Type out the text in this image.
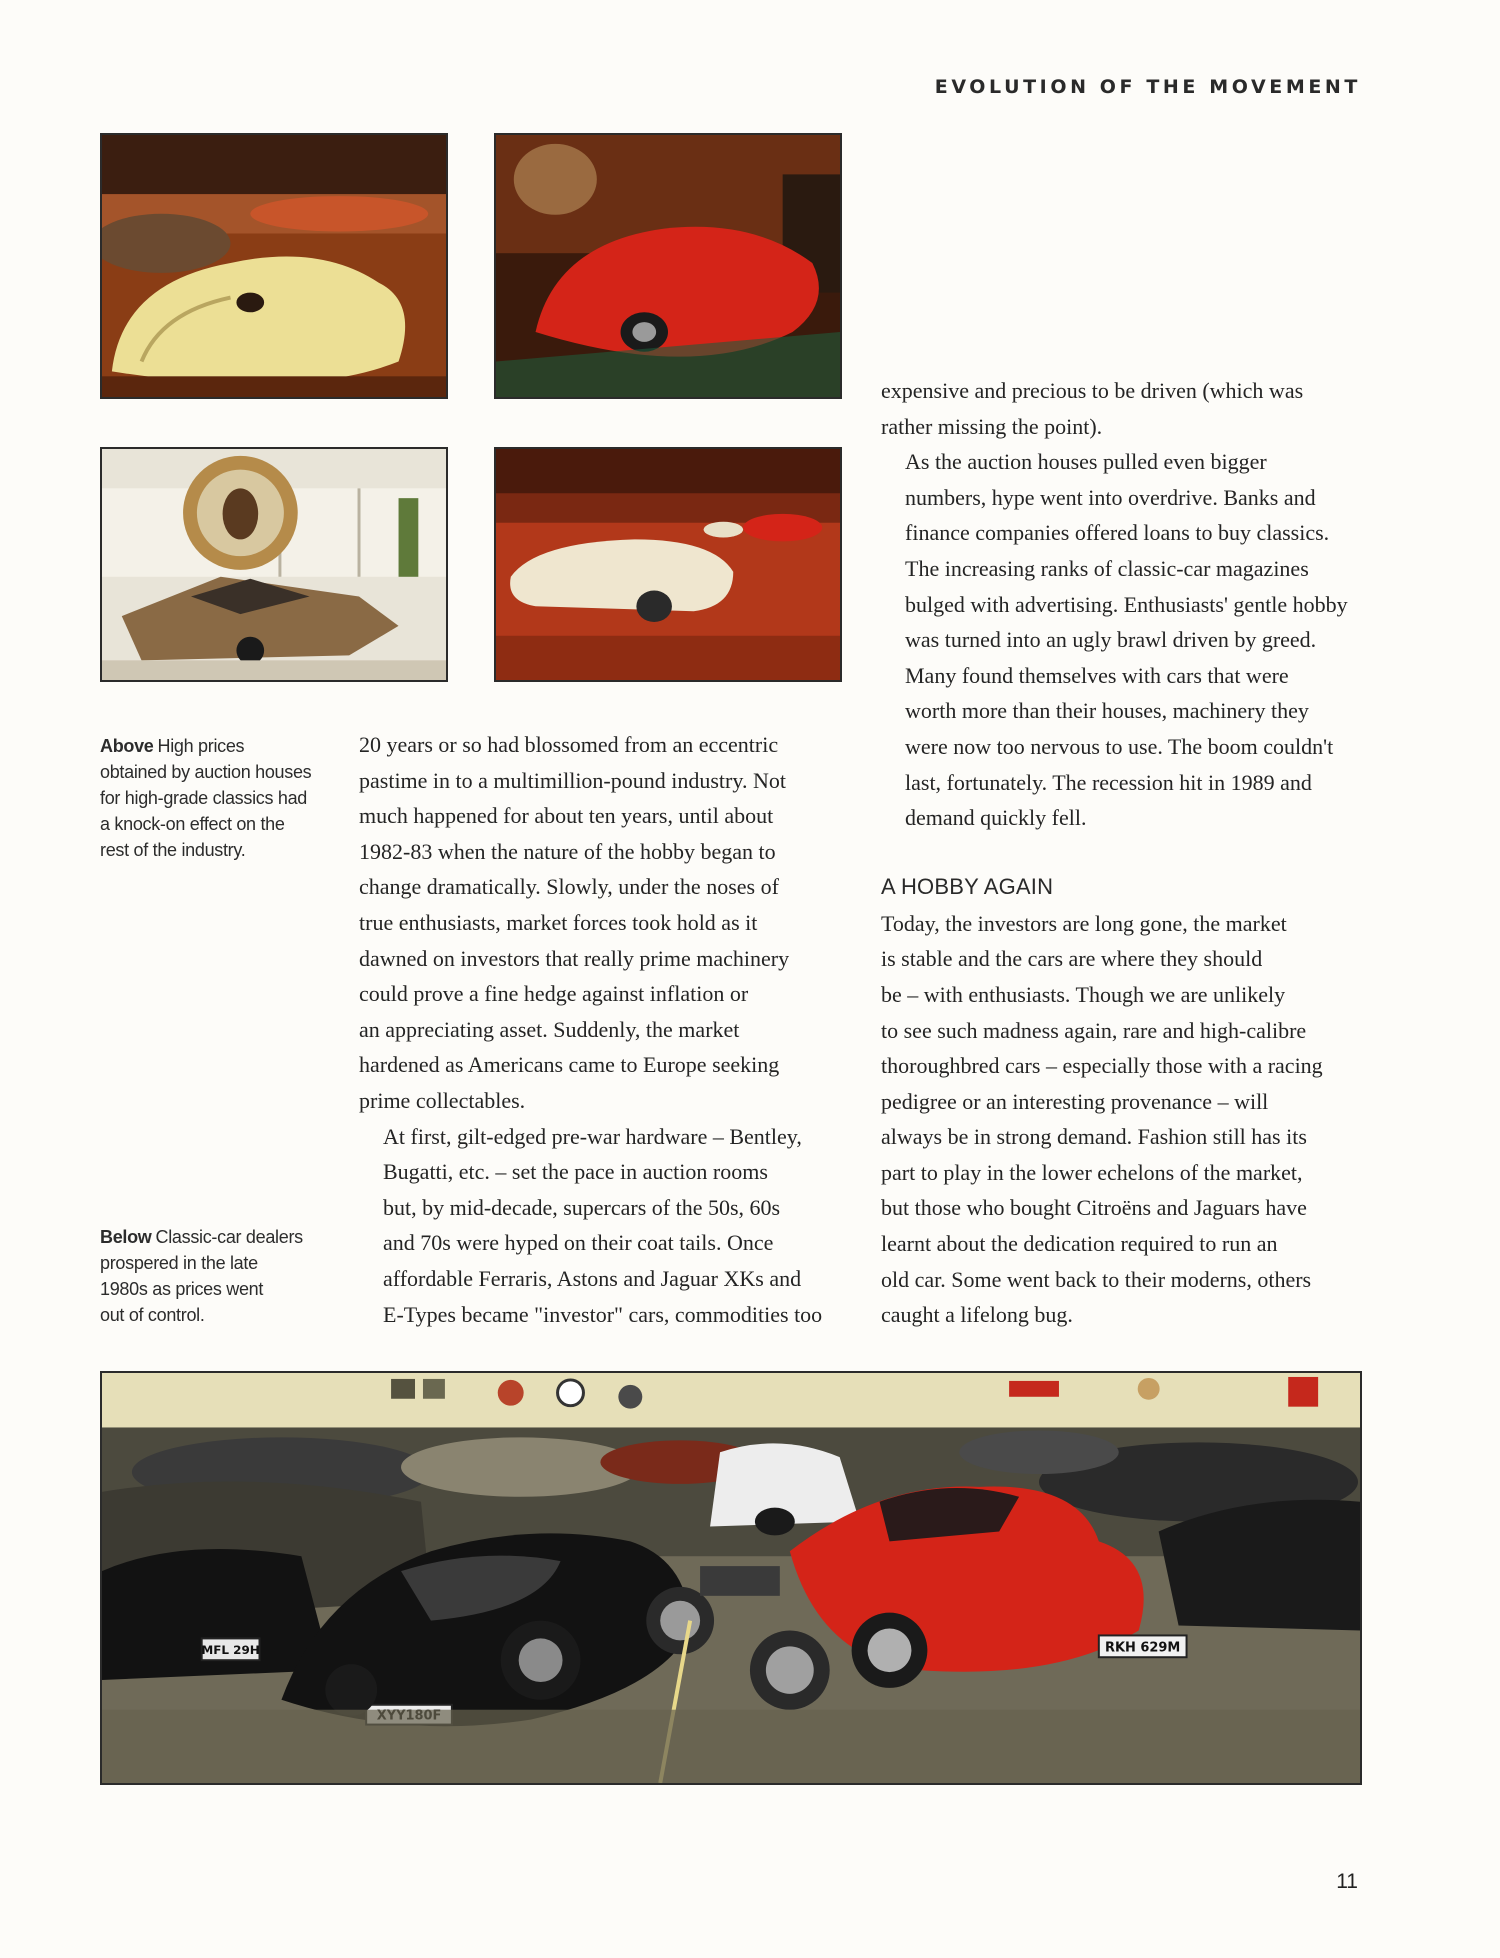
EVOLUTION OF THE MOVEMENT

Above High prices
obtained by auction houses
for high-grade classics had
a knock-on effect on the
rest of the industry.

Below Classic-car dealers
prospered in the late
1980s as prices went
out of control.

20 years or so had blossomed from an eccentric
pastime in to a multimillion-pound industry. Not
much happened for about ten years, until about
1982-83 when the nature of the hobby began to
change dramatically. Slowly, under the noses of
true enthusiasts, market forces took hold as it
dawned on investors that really prime machinery
could prove a fine hedge against inflation or
an appreciating asset. Suddenly, the market
hardened as Americans came to Europe seeking
prime collectables.

At first, gilt-edged pre-war hardware – Bentley,
Bugatti, etc. – set the pace in auction rooms
but, by mid-decade, supercars of the 50s, 60s
and 70s were hyped on their coat tails. Once
affordable Ferraris, Astons and Jaguar XKs and
E-Types became "investor" cars, commodities too

expensive and precious to be driven (which was
rather missing the point).

As the auction houses pulled even bigger
numbers, hype went into overdrive. Banks and
finance companies offered loans to buy classics.
The increasing ranks of classic-car magazines
bulged with advertising. Enthusiasts' gentle hobby
was turned into an ugly brawl driven by greed.
Many found themselves with cars that were
worth more than their houses, machinery they
were now too nervous to use. The boom couldn't
last, fortunately. The recession hit in 1989 and
demand quickly fell.

A HOBBY AGAIN

Today, the investors are long gone, the market
is stable and the cars are where they should
be – with enthusiasts. Though we are unlikely
to see such madness again, rare and high-calibre
thoroughbred cars – especially those with a racing
pedigree or an interesting provenance – will
always be in strong demand. Fashion still has its
part to play in the lower echelons of the market,
but those who bought Citroëns and Jaguars have
learnt about the dedication required to run an
old car. Some went back to their moderns, others
caught a lifelong bug.

MFL 29H	RKH 629M

11
